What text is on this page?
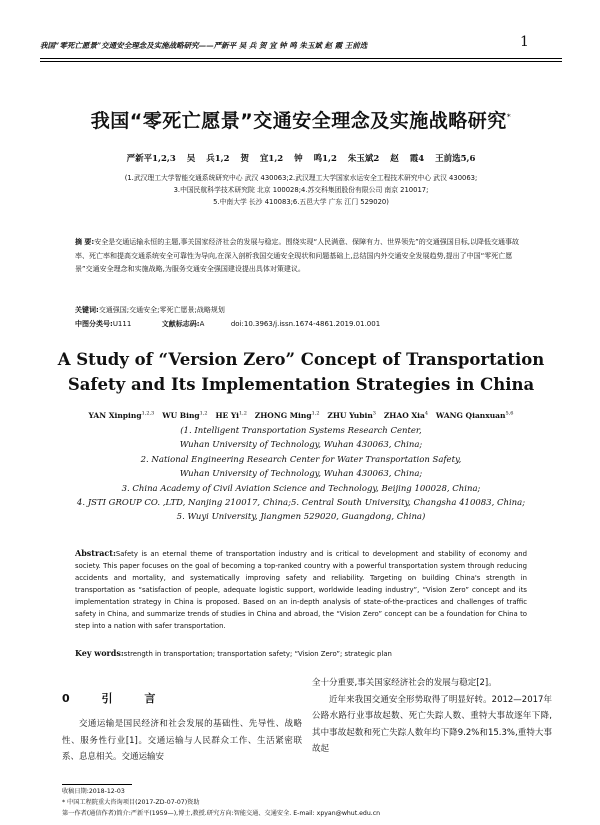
我国“零死亡愿景”交通安全理念及实施战略研究——严新平 吴 兵 贺 宜 钟 鸣 朱玉斌 赵 霞 王前选	1
我国“零死亡愿景”交通安全理念及实施战略研究*
严新平1,2,3 吴 兵1,2 贺 宜1,2 钟 鸣1,2 朱玉斌2 赵 霞4 王前选5,6
(1.武汉理工大学智能交通系统研究中心 武汉 430063;2.武汉理工大学国家水运安全工程技术研究中心 武汉 430063;
3.中国民航科学技术研究院 北京 100028;4.苏交科集团股份有限公司 南京 210017;
5.中南大学 长沙 410083;6.五邑大学 广东 江门 529020)
摘 要:安全是交通运输永恒的主题,事关国家经济社会的发展与稳定。围绕实现“人民满意、保障有力、世界领先”的交通强国目标,以降低交通事故率、死亡率和提高交通系统安全可靠性为导向,在深入剖析我国交通安全现状和问题基础上,总结国内外交通安全发展趋势,提出了中国“零死亡愿景”交通安全理念和实施战略,为服务交通安全强国建设提出具体对策建议。
关键词:交通强国;交通安全;零死亡愿景;战略规划
中图分类号:U111	文献标志码:A	doi:10.3963/j.issn.1674-4861.2019.01.001
A Study of “Version Zero” Concept of Transportation
Safety and Its Implementation Strategies in China
YAN Xinping$^{1,2,3}$ WU Bing$^{1,2}$ HE Yi$^{1,2}$ ZHONG Ming$^{1,2}$ ZHU Yubin$^3$ ZHAO Xia$^4$ WANG Qianxuan$^{5,6}$
(1. Intelligent Transportation Systems Research Center,
Wuhan University of Technology, Wuhan 430063, China;
2. National Engineering Research Center for Water Transportation Safety,
Wuhan University of Technology, Wuhan 430063, China;
3. China Academy of Civil Aviation Science and Technology, Beijing 100028, China;
4. JSTI GROUP CO. ,LTD, Nanjing 210017, China;5. Central South University, Changsha 410083, China;
5. Wuyi University, Jiangmen 529020, Guangdong, China)
Abstract:Safety is an eternal theme of transportation industry and is critical to development and stability of economy and society. This paper focuses on the goal of becoming a top-ranked country with a powerful transportation system through reducing accidents and mortality, and systematically improving safety and reliability. Targeting on building China's strength in transportation as “satisfaction of people, adequate logistic support, worldwide leading industry”, “Vision Zero” concept and its implementation strategy in China is proposed. Based on an in-depth analysis of state-of-the-practices and challenges of traffic safety in China, and summarize trends of studies in China and abroad, the “Vision Zero” concept can be a foundation for China to step into a nation with safer transportation.
Key words:strength in transportation; transportation safety; “Vision Zero”; strategic plan
0 引 言
交通运输是国民经济和社会发展的基础性、先导性、战略性、服务性行业[1]。交通运输与人民群众工作、生活紧密联系、息息相关。交通运输安
全十分重要,事关国家经济社会的发展与稳定[2]。
近年来我国交通安全形势取得了明显好转。2012—2017年公路水路行业事故起数、死亡失踪人数、重特大事故逐年下降,其中事故起数和死亡失踪人数年均下降9.2%和15.3%,重特大事故起
收稿日期:2018-12-03
* 中国工程院重大咨询项目(2017-ZD-07-07)资助
第一作者(通信作者)简介:严新平(1959—),博士,教授.研究方向:智能交通、交通安全. E-mail: xpyan@whut.edu.cn
